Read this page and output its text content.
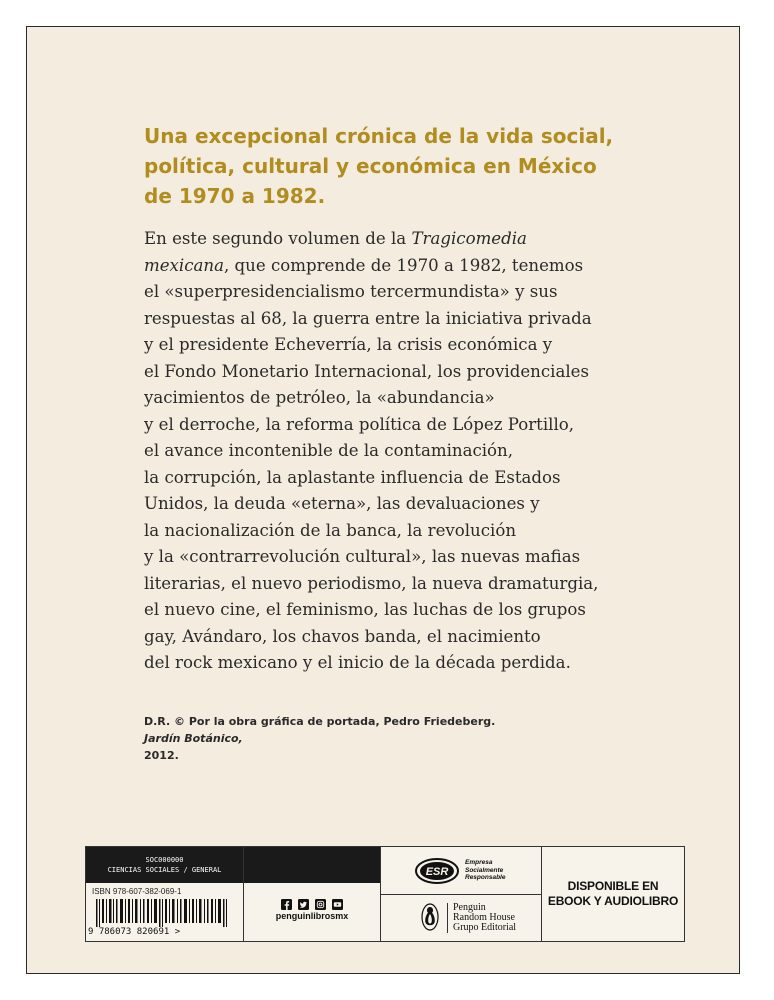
Una excepcional crónica de la vida social,
política, cultural y económica en México
de 1970 a 1982.

En este segundo volumen de la Tragicomedia
mexicana, que comprende de 1970 a 1982, tenemos
el «superpresidencialismo tercermundista» y sus
respuestas al 68, la guerra entre la iniciativa privada
y el presidente Echeverría, la crisis económica y
el Fondo Monetario Internacional, los providenciales
yacimientos de petróleo, la «abundancia»
y el derroche, la reforma política de López Portillo,
el avance incontenible de la contaminación,
la corrupción, la aplastante influencia de Estados
Unidos, la deuda «eterna», las devaluaciones y
la nacionalización de la banca, la revolución
y la «contrarrevolución cultural», las nuevas mafias
literarias, el nuevo periodismo, la nueva dramaturgia,
el nuevo cine, el feminismo, las luchas de los grupos
gay, Avándaro, los chavos banda, el nacimiento
del rock mexicano y el inicio de la década perdida.

D.R. © Por la obra gráfica de portada, Pedro Friedeberg.
Jardín Botánico,
2012.
SOC000000
CIENCIAS SOCIALES / GENERAL
ISBN 978-607-382-069-1
9 786073 820691 >

penguinlibrosmx
ESR
Empresa
Socialmente
Responsable
Penguin
Random House
Grupo Editorial
DISPONIBLE EN
EBOOK Y AUDIOLIBRO
